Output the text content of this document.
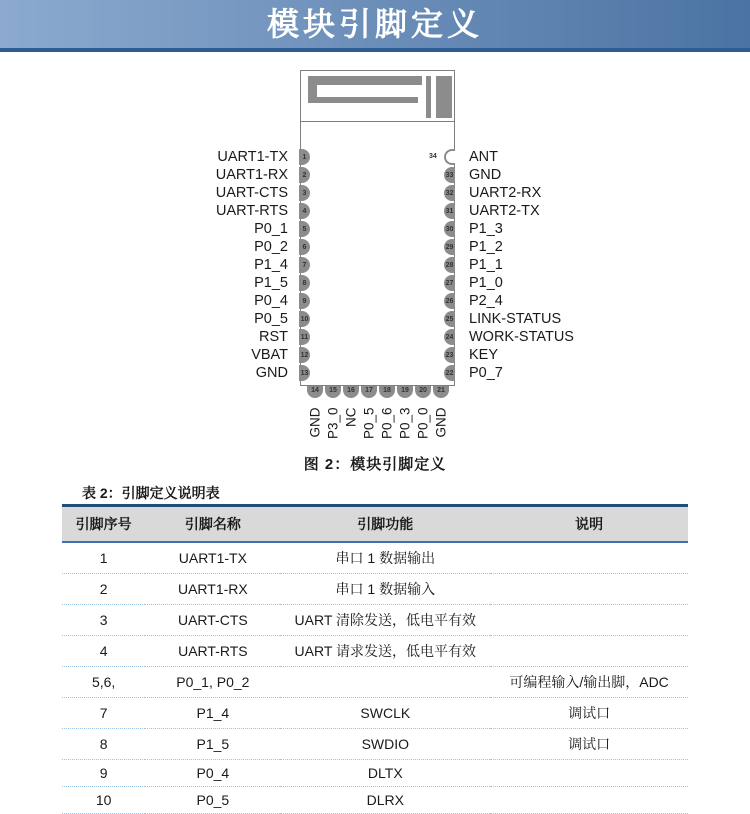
模块引脚定义
图 2：模块引脚定义
UART1-TX 1
UART1-RX 2
UART-CTS 3
UART-RTS 4
P0_1 5
P0_2 6
P1_4 7
P1_5 8
P0_4 9
P0_5 10
RST 11
VBAT 12
GND 13
ANT
34
GND
33
UART2-RX
32
UART2-TX
31
P1_3
30
P1_2
29
P1_1
28
P1_0
27
P2_4
26
LINK-STATUS
25
WORK-STATUS
24
KEY
23
P0_7
22
14
GND
15
P3_0
16
NC
17
P0_5
18
P0_6
19
P0_3
20
P0_0
21
GND
表 2：引脚定义说明表
引脚序号	引脚名称	引脚功能	说明
1	UART1-TX	串口 1 数据输出	
2	UART1-RX	串口 1 数据输入	
3	UART-CTS	UART 清除发送，低电平有效	
4	UART-RTS	UART 请求发送，低电平有效	
5,6,	P0_1, P0_2		可编程输入/输出脚，ADC
7	P1_4	SWCLK	调试口
8	P1_5	SWDIO	调试口
9	P0_4	DLTX	
10	P0_5	DLRX	
